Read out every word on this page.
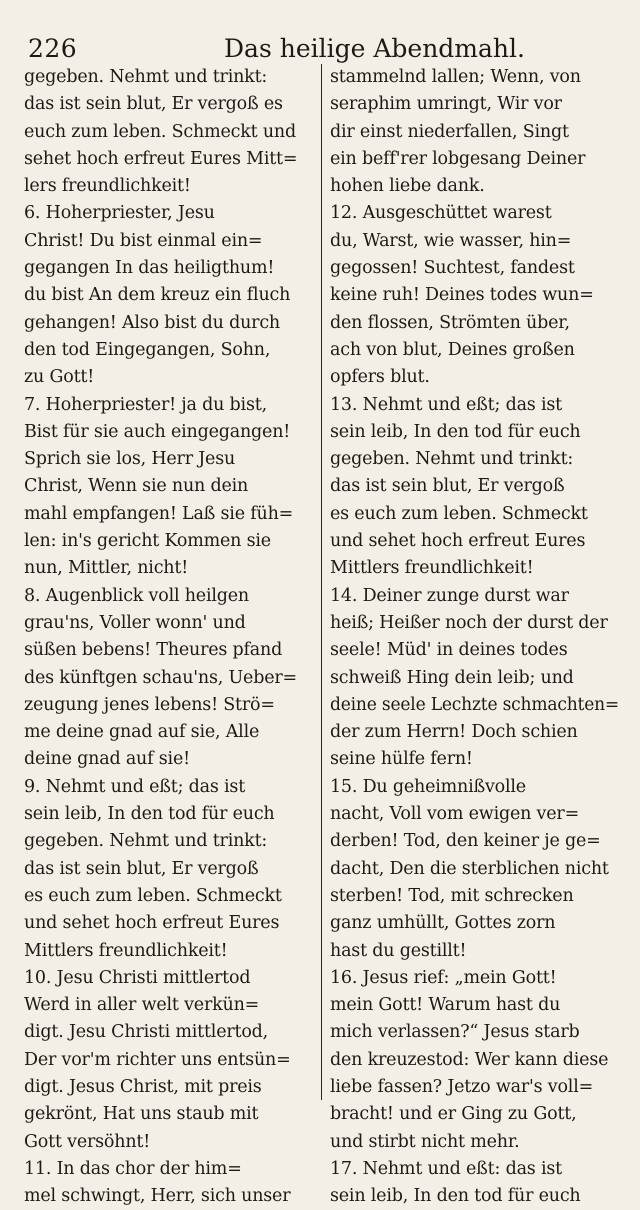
226	Das heilige Abendmahl.
gegeben. Nehmt und trinkt:
das ist sein blut, Er vergoß es
euch zum leben. Schmeckt und
sehet hoch erfreut Eures Mitt=
lers freundlichkeit!
6. Hoherpriester, Jesu
Christ! Du bist einmal ein=
gegangen In das heiligthum!
du bist An dem kreuz ein fluch
gehangen! Also bist du durch
den tod Eingegangen, Sohn,
zu Gott!
7. Hoherpriester! ja du bist,
Bist für sie auch eingegangen!
Sprich sie los, Herr Jesu
Christ, Wenn sie nun dein
mahl empfangen! Laß sie füh=
len: in's gericht Kommen sie
nun, Mittler, nicht!
8. Augenblick voll heilgen
grau'ns, Voller wonn' und
süßen bebens! Theures pfand
des künftgen schau'ns, Ueber=
zeugung jenes lebens! Strö=
me deine gnad auf sie, Alle
deine gnad auf sie!
9. Nehmt und eßt; das ist
sein leib, In den tod für euch
gegeben. Nehmt und trinkt:
das ist sein blut, Er vergoß
es euch zum leben. Schmeckt
und sehet hoch erfreut Eures
Mittlers freundlichkeit!
10. Jesu Christi mittlertod
Werd in aller welt verkün=
digt. Jesu Christi mittlertod,
Der vor'm richter uns entsün=
digt. Jesus Christ, mit preis
gekrönt, Hat uns staub mit
Gott versöhnt!
11. In das chor der him=
mel schwingt, Herr, sich unser
stammelnd lallen; Wenn, von
seraphim umringt, Wir vor
dir einst niederfallen, Singt
ein beff'rer lobgesang Deiner
hohen liebe dank.
12. Ausgeschüttet warest
du, Warst, wie wasser, hin=
gegossen! Suchtest, fandest
keine ruh! Deines todes wun=
den flossen, Strömten über,
ach von blut, Deines großen
opfers blut.
13. Nehmt und eßt; das ist
sein leib, In den tod für euch
gegeben. Nehmt und trinkt:
das ist sein blut, Er vergoß
es euch zum leben. Schmeckt
und sehet hoch erfreut Eures
Mittlers freundlichkeit!
14. Deiner zunge durst war
heiß; Heißer noch der durst der
seele! Müd' in deines todes
schweiß Hing dein leib; und
deine seele Lechzte schmachten=
der zum Herrn! Doch schien
seine hülfe fern!
15. Du geheimnißvolle
nacht, Voll vom ewigen ver=
derben! Tod, den keiner je ge=
dacht, Den die sterblichen nicht
sterben! Tod, mit schrecken
ganz umhüllt, Gottes zorn
hast du gestillt!
16. Jesus rief: „mein Gott!
mein Gott! Warum hast du
mich verlassen?“ Jesus starb
den kreuzestod: Wer kann diese
liebe fassen? Jetzo war's voll=
bracht! und er Ging zu Gott,
und stirbt nicht mehr.
17. Nehmt und eßt: das ist
sein leib, In den tod für euch
